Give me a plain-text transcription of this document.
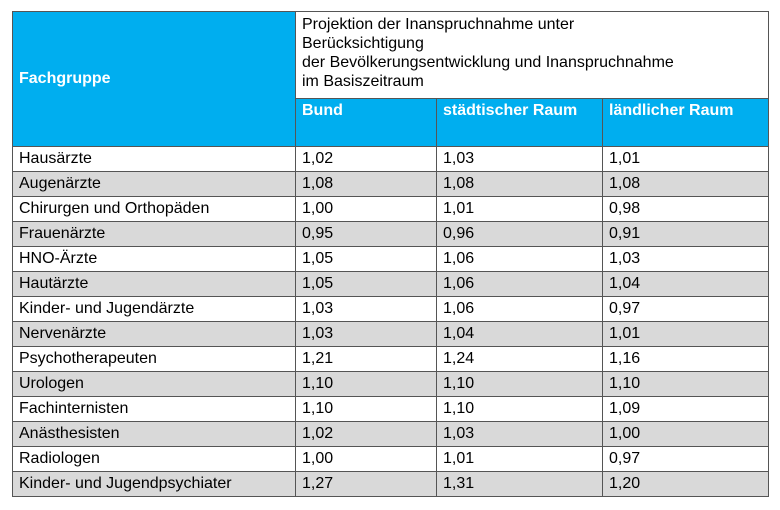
Fachgruppe	Projektion der Inanspruchnahme unter
Berücksichtigung
der Bevölkerungsentwicklung und Inanspruchnahme
im Basiszeitraum		
	Bund	städtischer Raum	ländlicher Raum
Hausärzte	1,02	1,03	1,01
Augenärzte	1,08	1,08	1,08
Chirurgen und Orthopäden	1,00	1,01	0,98
Frauenärzte	0,95	0,96	0,91
HNO-Ärzte	1,05	1,06	1,03
Hautärzte	1,05	1,06	1,04
Kinder- und Jugendärzte	1,03	1,06	0,97
Nervenärzte	1,03	1,04	1,01
Psychotherapeuten	1,21	1,24	1,16
Urologen	1,10	1,10	1,10
Fachinternisten	1,10	1,10	1,09
Anästhesisten	1,02	1,03	1,00
Radiologen	1,00	1,01	0,97
Kinder- und Jugendpsychiater	1,27	1,31	1,20
